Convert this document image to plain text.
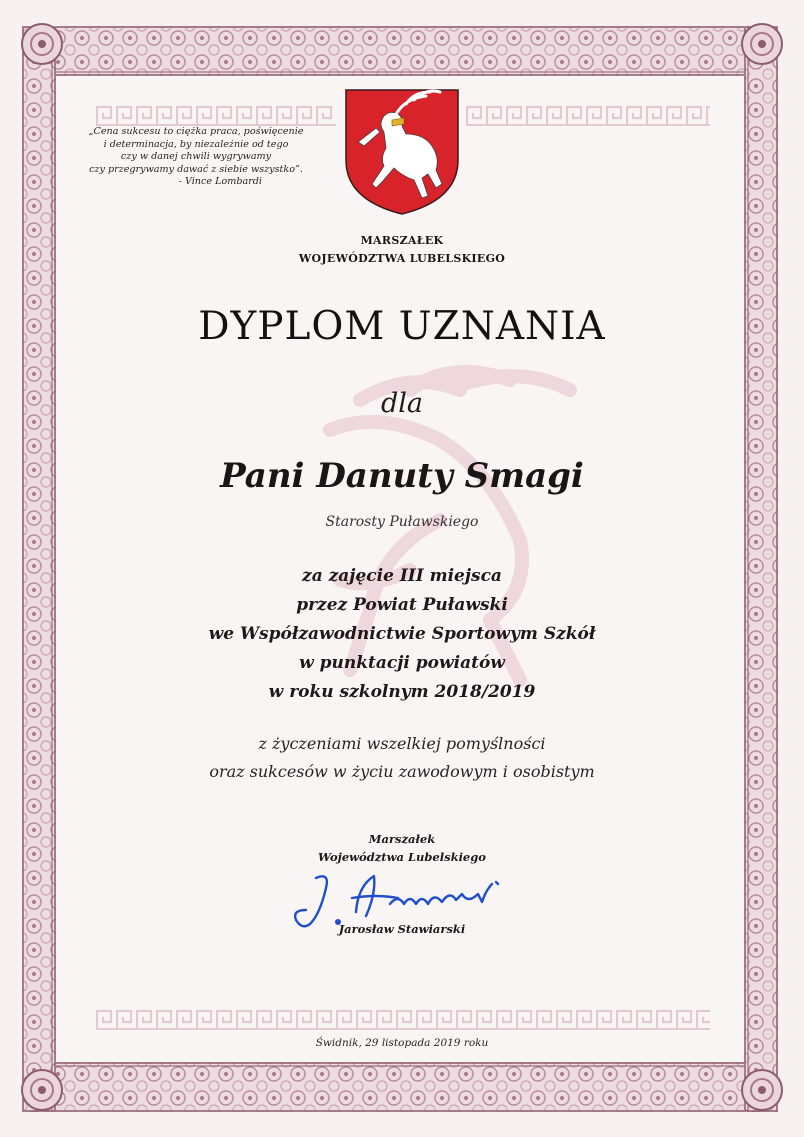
„Cena sukcesu to ciężka praca, poświęcenie
i determinacja, by niezależnie od tego
czy w danej chwili wygrywamy
czy przegrywamy dawać z siebie wszystko”.
- Vince Lombardi
MARSZAŁEK
WOJEWÓDZTWA LUBELSKIEGO
DYPLOM UZNANIA
dla
Pani Danuty Smagi
Starosty Puławskiego
za zajęcie III miejsca
przez Powiat Puławski
we Współzawodnictwie Sportowym Szkół
w punktacji powiatów
w roku szkolnym 2018/2019
z życzeniami wszelkiej pomyślności
oraz sukcesów w życiu zawodowym i osobistym
Marszałek
Województwa Lubelskiego
Jarosław Stawiarski
Świdnik, 29 listopada 2019 roku
